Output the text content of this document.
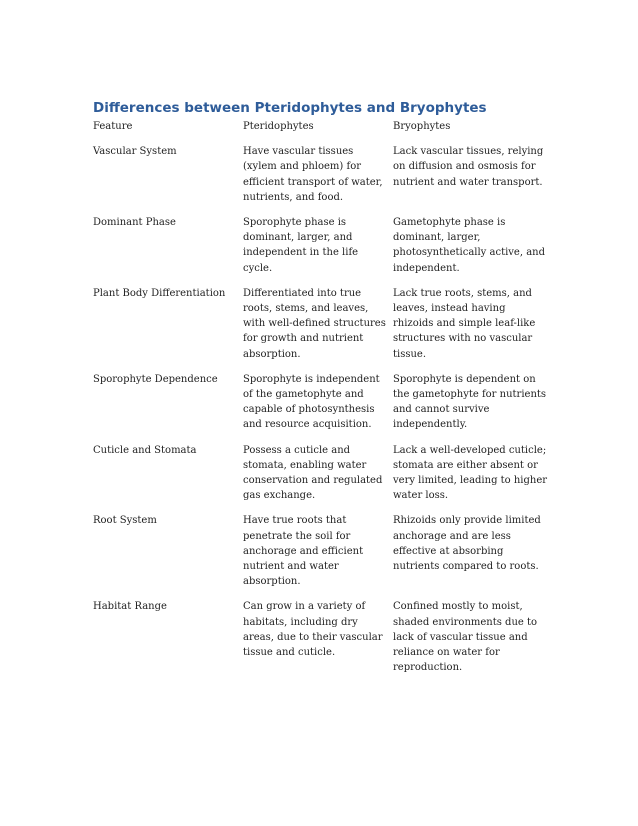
Differences between Pteridophytes and Bryophytes
Feature	Pteridophytes	Bryophytes
Vascular System	Have vascular tissues (xylem and phloem) for efficient transport of water, nutrients, and food.	Lack vascular tissues, relying on diffusion and osmosis for nutrient and water transport.
Dominant Phase	Sporophyte phase is dominant, larger, and independent in the life cycle.	Gametophyte phase is dominant, larger, photosynthetically active, and independent.
Plant Body Differentiation	Differentiated into true roots, stems, and leaves, with well-defined structures for growth and nutrient absorption.	Lack true roots, stems, and leaves, instead having rhizoids and simple leaf-like structures with no vascular tissue.
Sporophyte Dependence	Sporophyte is independent of the gametophyte and capable of photosynthesis and resource acquisition.	Sporophyte is dependent on the gametophyte for nutrients and cannot survive independently.
Cuticle and Stomata	Possess a cuticle and stomata, enabling water conservation and regulated gas exchange.	Lack a well-developed cuticle; stomata are either absent or very limited, leading to higher water loss.
Root System	Have true roots that penetrate the soil for anchorage and efficient nutrient and water absorption.	Rhizoids only provide limited anchorage and are less effective at absorbing nutrients compared to roots.
Habitat Range	Can grow in a variety of habitats, including dry areas, due to their vascular tissue and cuticle.	Confined mostly to moist, shaded environments due to lack of vascular tissue and reliance on water for reproduction.
